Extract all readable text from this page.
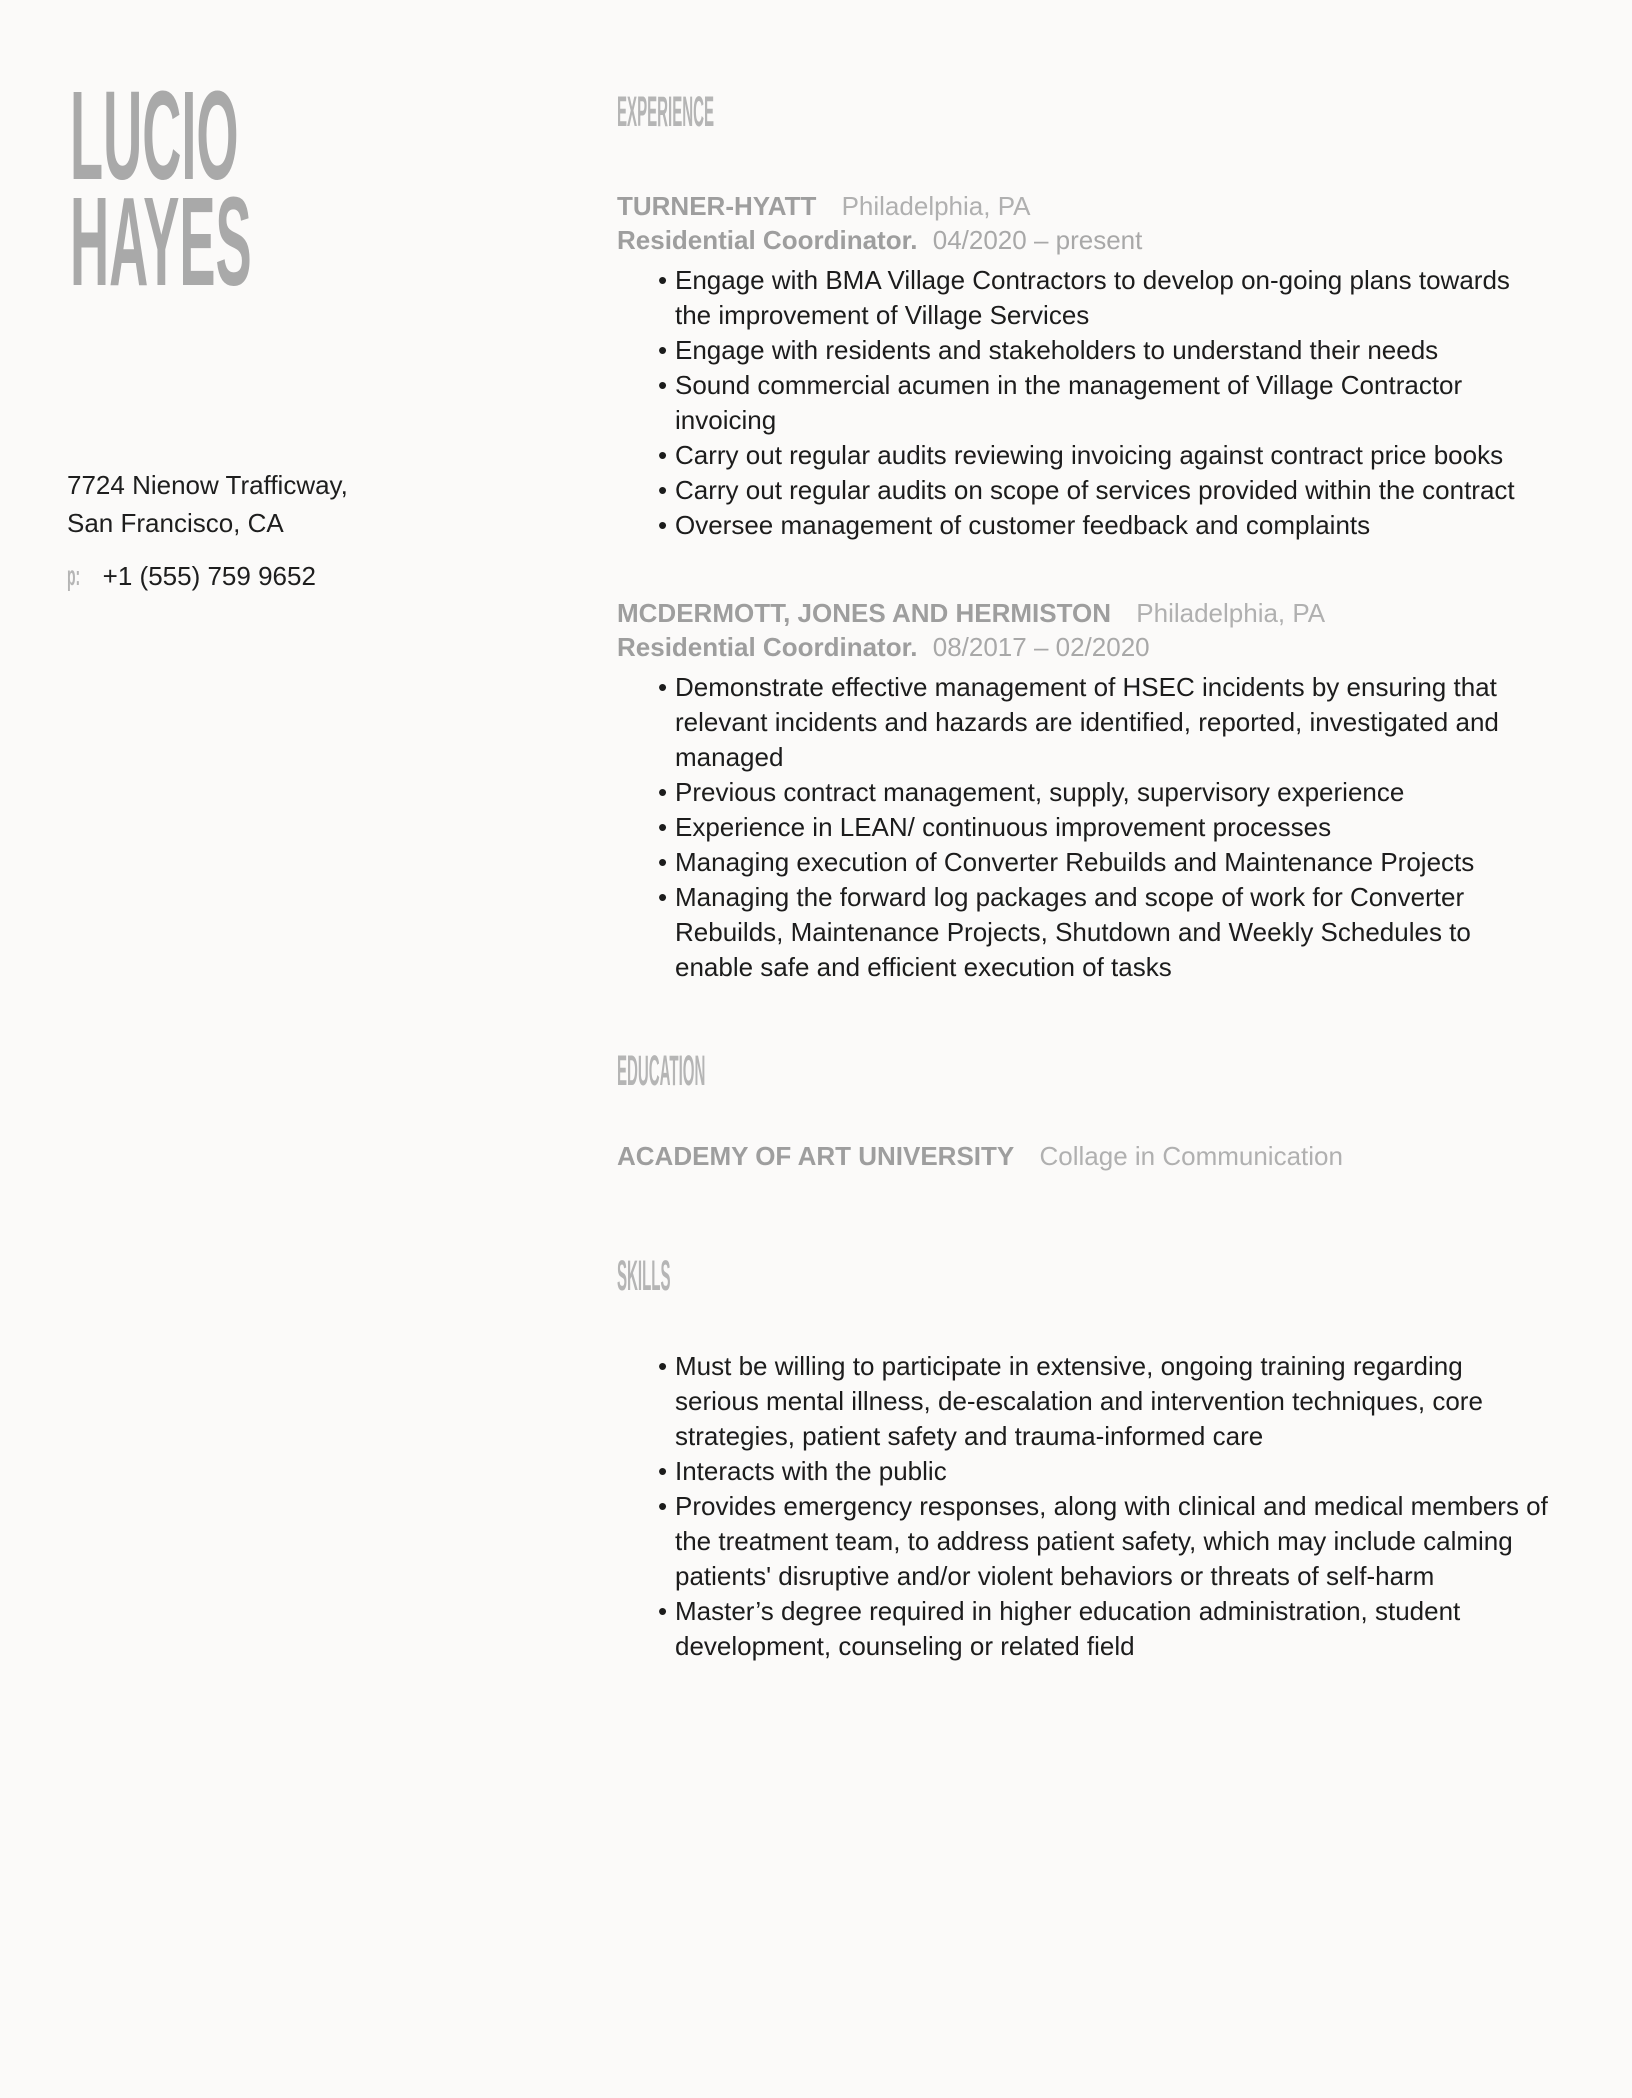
LUCIO
HAYES
7724 Nienow Trafficway,
San Francisco, CA
p: +1 (555) 759 9652
EXPERIENCE
TURNER-HYATT Philadelphia, PA
Residential Coordinator. 04/2020 – present
• Engage with BMA Village Contractors to develop on-going plans towards the improvement of Village Services
• Engage with residents and stakeholders to understand their needs
• Sound commercial acumen in the management of Village Contractor invoicing
• Carry out regular audits reviewing invoicing against contract price books
• Carry out regular audits on scope of services provided within the contract
• Oversee management of customer feedback and complaints
MCDERMOTT, JONES AND HERMISTON Philadelphia, PA
Residential Coordinator. 08/2017 – 02/2020
• Demonstrate effective management of HSEC incidents by ensuring that relevant incidents and hazards are identified, reported, investigated and managed
• Previous contract management, supply, supervisory experience
• Experience in LEAN/ continuous improvement processes
• Managing execution of Converter Rebuilds and Maintenance Projects
• Managing the forward log packages and scope of work for Converter Rebuilds, Maintenance Projects, Shutdown and Weekly Schedules to enable safe and efficient execution of tasks
EDUCATION
ACADEMY OF ART UNIVERSITY Collage in Communication
SKILLS
• Must be willing to participate in extensive, ongoing training regarding serious mental illness, de-escalation and intervention techniques, core strategies, patient safety and trauma-informed care
• Interacts with the public
• Provides emergency responses, along with clinical and medical members of the treatment team, to address patient safety, which may include calming patients' disruptive and/or violent behaviors or threats of self-harm
• Master’s degree required in higher education administration, student development, counseling or related field
